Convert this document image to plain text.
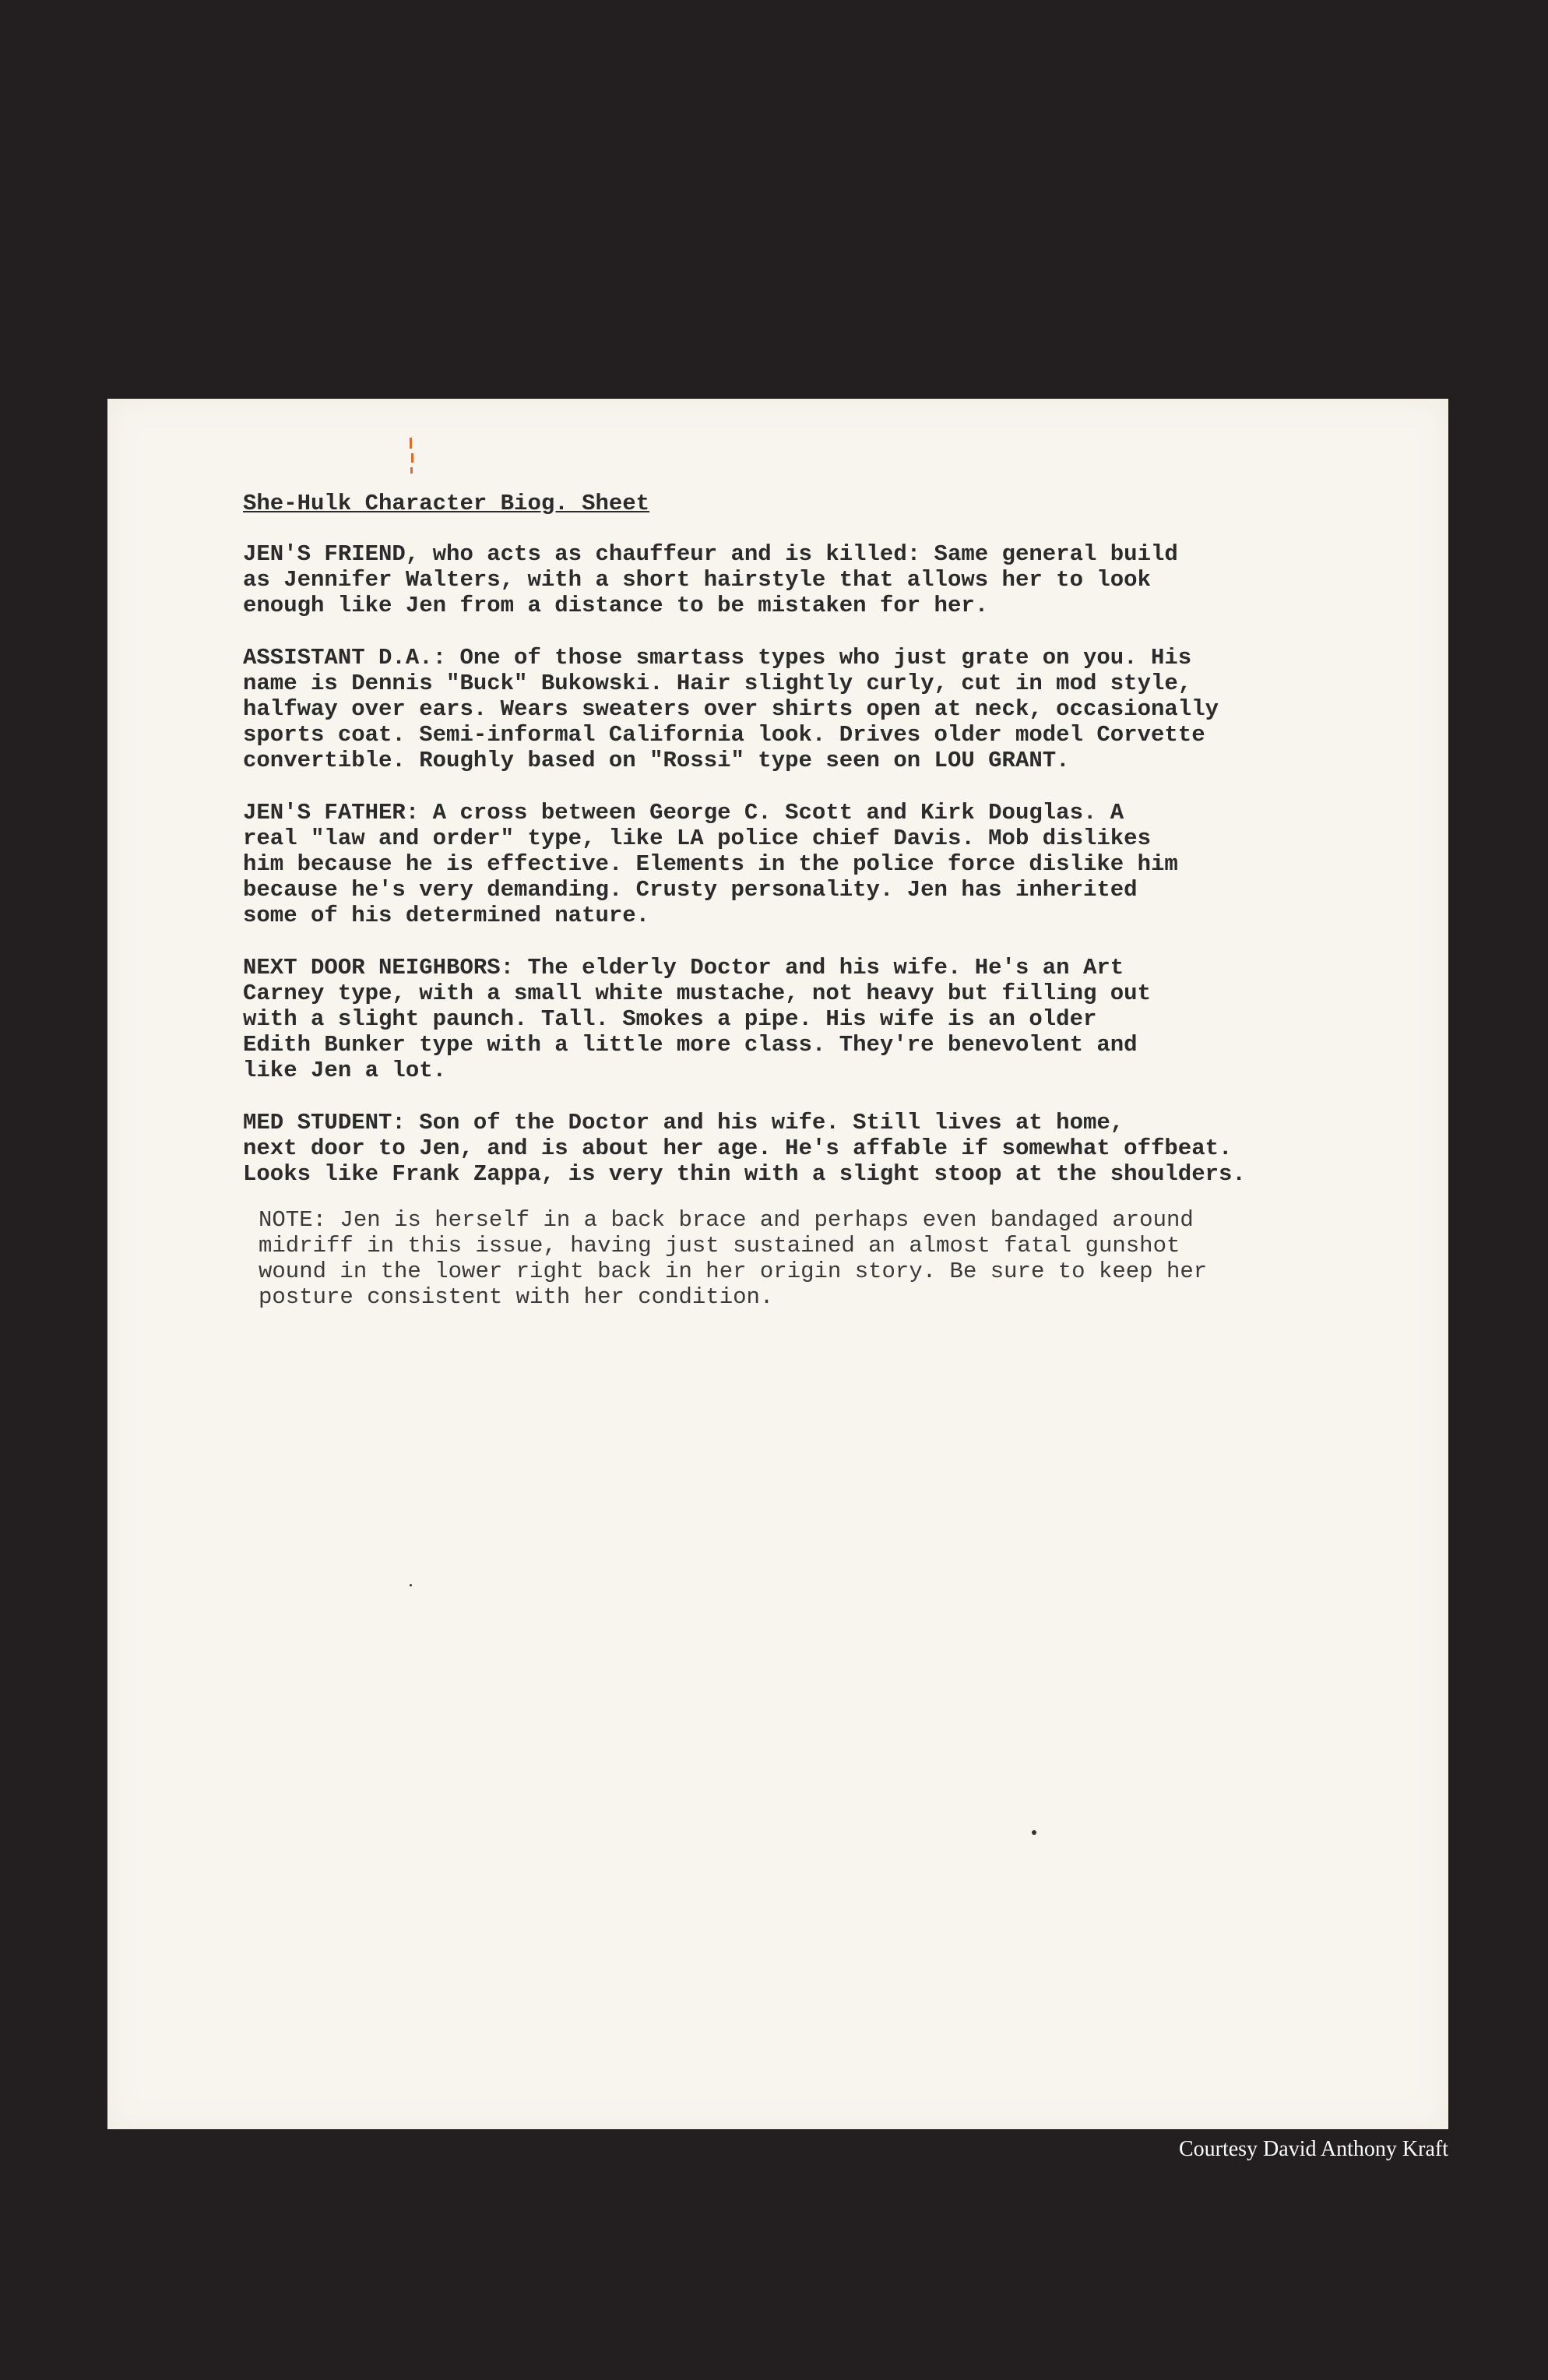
She-Hulk Character Biog. Sheet
JEN'S FRIEND, who acts as chauffeur and is killed: Same general build
as Jennifer Walters, with a short hairstyle that allows her to look
enough like Jen from a distance to be mistaken for her.
ASSISTANT D.A.: One of those smartass types who just grate on you. His
name is Dennis "Buck" Bukowski. Hair slightly curly, cut in mod style,
halfway over ears. Wears sweaters over shirts open at neck, occasionally
sports coat. Semi-informal California look. Drives older model Corvette
convertible. Roughly based on "Rossi" type seen on LOU GRANT.
JEN'S FATHER: A cross between George C. Scott and Kirk Douglas. A
real "law and order" type, like LA police chief Davis. Mob dislikes
him because he is effective. Elements in the police force dislike him
because he's very demanding. Crusty personality. Jen has inherited
some of his determined nature.
NEXT DOOR NEIGHBORS: The elderly Doctor and his wife. He's an Art
Carney type, with a small white mustache, not heavy but filling out
with a slight paunch. Tall. Smokes a pipe. His wife is an older
Edith Bunker type with a little more class. They're benevolent and
like Jen a lot.
MED STUDENT: Son of the Doctor and his wife. Still lives at home,
next door to Jen, and is about her age. He's affable if somewhat offbeat.
Looks like Frank Zappa, is very thin with a slight stoop at the shoulders.
NOTE: Jen is herself in a back brace and perhaps even bandaged around
midriff in this issue, having just sustained an almost fatal gunshot
wound in the lower right back in her origin story. Be sure to keep her
posture consistent with her condition.
Courtesy David Anthony Kraft
